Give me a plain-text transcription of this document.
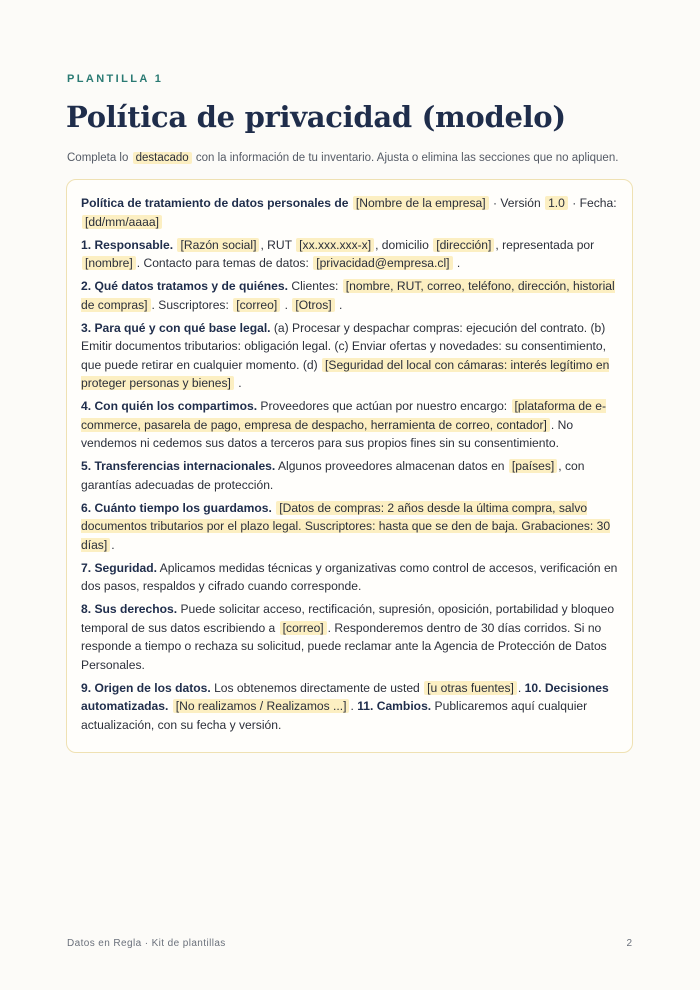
PLANTILLA 1
Política de privacidad (modelo)
Completa lo destacado con la información de tu inventario. Ajusta o elimina las secciones que no apliquen.

Política de tratamiento de datos personales de [Nombre de la empresa] · Versión 1.0 · Fecha: [dd/mm/aaaa]

1. Responsable. [Razón social] , RUT [xx.xxx.xxx-x] , domicilio [dirección] , representada por [nombre] . Contacto para temas de datos: [privacidad@empresa.cl] .

2. Qué datos tratamos y de quiénes. Clientes: [nombre, RUT, correo, teléfono, dirección, historial de compras] . Suscriptores: [correo] . [Otros] .

3. Para qué y con qué base legal. (a) Procesar y despachar compras: ejecución del contrato. (b) Emitir documentos tributarios: obligación legal. (c) Enviar ofertas y novedades: su consentimiento, que puede retirar en cualquier momento. (d) [Seguridad del local con cámaras: interés legítimo en proteger personas y bienes] .

4. Con quién los compartimos. Proveedores que actúan por nuestro encargo: [plataforma de e-commerce, pasarela de pago, empresa de despacho, herramienta de correo, contador] . No vendemos ni cedemos sus datos a terceros para sus propios fines sin su consentimiento.

5. Transferencias internacionales. Algunos proveedores almacenan datos en [países] , con garantías adecuadas de protección.

6. Cuánto tiempo los guardamos. [Datos de compras: 2 años desde la última compra, salvo documentos tributarios por el plazo legal. Suscriptores: hasta que se den de baja. Grabaciones: 30 días] .

7. Seguridad. Aplicamos medidas técnicas y organizativas como control de accesos, verificación en dos pasos, respaldos y cifrado cuando corresponde.

8. Sus derechos. Puede solicitar acceso, rectificación, supresión, oposición, portabilidad y bloqueo temporal de sus datos escribiendo a [correo] . Responderemos dentro de 30 días corridos. Si no responde a tiempo o rechaza su solicitud, puede reclamar ante la Agencia de Protección de Datos Personales.

9. Origen de los datos. Los obtenemos directamente de usted [u otras fuentes] . 10. Decisiones automatizadas. [No realizamos / Realizamos ...] . 11. Cambios. Publicaremos aquí cualquier actualización, con su fecha y versión.

Datos en Regla · Kit de plantillas	2
